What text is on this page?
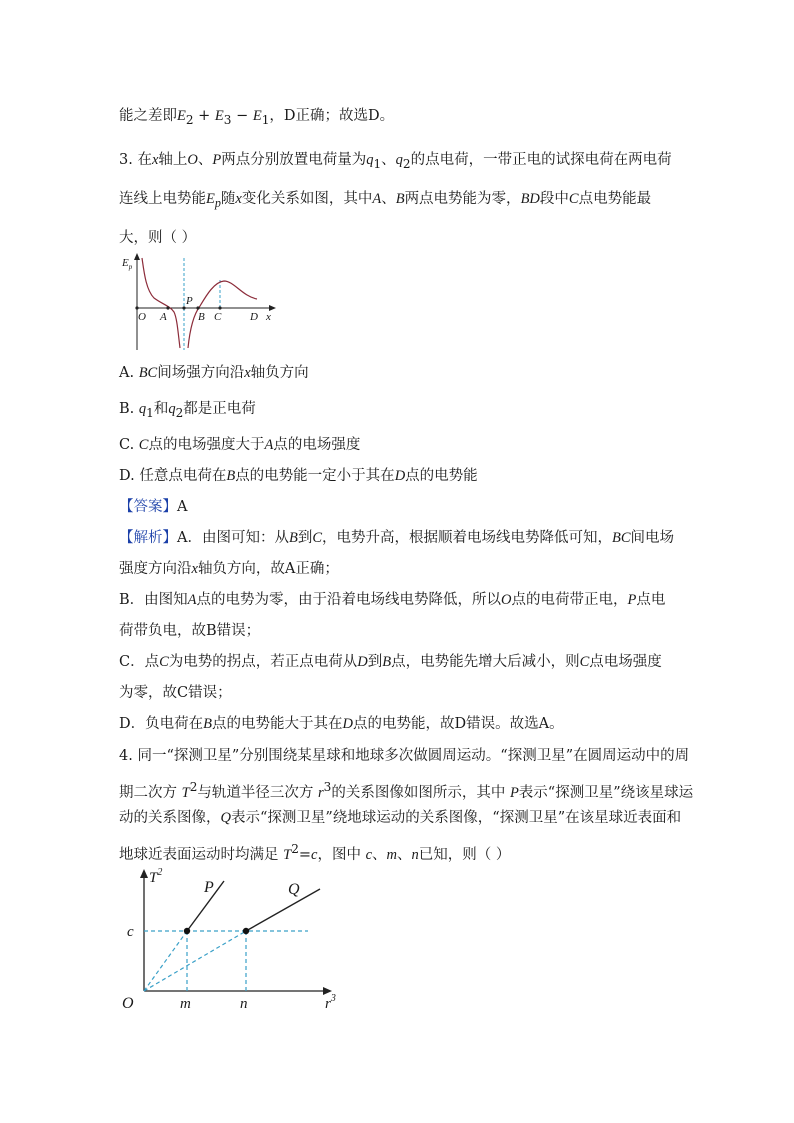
能之差即$E_2 + E_3 - E_1$，D正确；故选D。
3. 在x轴上O、P两点分别放置电荷量为$q_1$、$q_2$的点电荷，一带正电的试探电荷在两电荷
连线上电势能$E_p$随x变化关系如图，其中A、B两点电势能为零，BD段中C点电势能最
大，则（ ）
$E_p$
O A
P
B C	D x
A. BC间场强方向沿x轴负方向
B. $q_1$和$q_2$都是正电荷
C. C点的电场强度大于A点的电场强度
D. 任意点电荷在B点的电势能一定小于其在D点的电势能
【答案】A
【解析】A．由图可知：从B到C，电势升高，根据顺着电场线电势降低可知，BC间电场
强度方向沿x轴负方向，故A正确；
B．由图知A点的电势为零，由于沿着电场线电势降低，所以O点的电荷带正电，P点电
荷带负电，故B错误；
C．点C为电势的拐点，若正点电荷从D到B点，电势能先增大后减小，则C点电场强度
为零，故C错误；
D．负电荷在B点的电势能大于其在D点的电势能，故D错误。故选A。
4. 同一“探测卫星”分别围绕某星球和地球多次做圆周运动。“探测卫星”在圆周运动中的周
期二次方 $T^2$与轨道半径三次方 $r^3$的关系图像如图所示，其中 P表示“探测卫星”绕该星球运
动的关系图像，Q表示“探测卫星”绕地球运动的关系图像，“探测卫星”在该星球近表面和
地球近表面运动时均满足 $T^2=c$，图中 c、m、n已知，则（ ）
$T^2$
$r^3$
O
c
m	n
P	Q
